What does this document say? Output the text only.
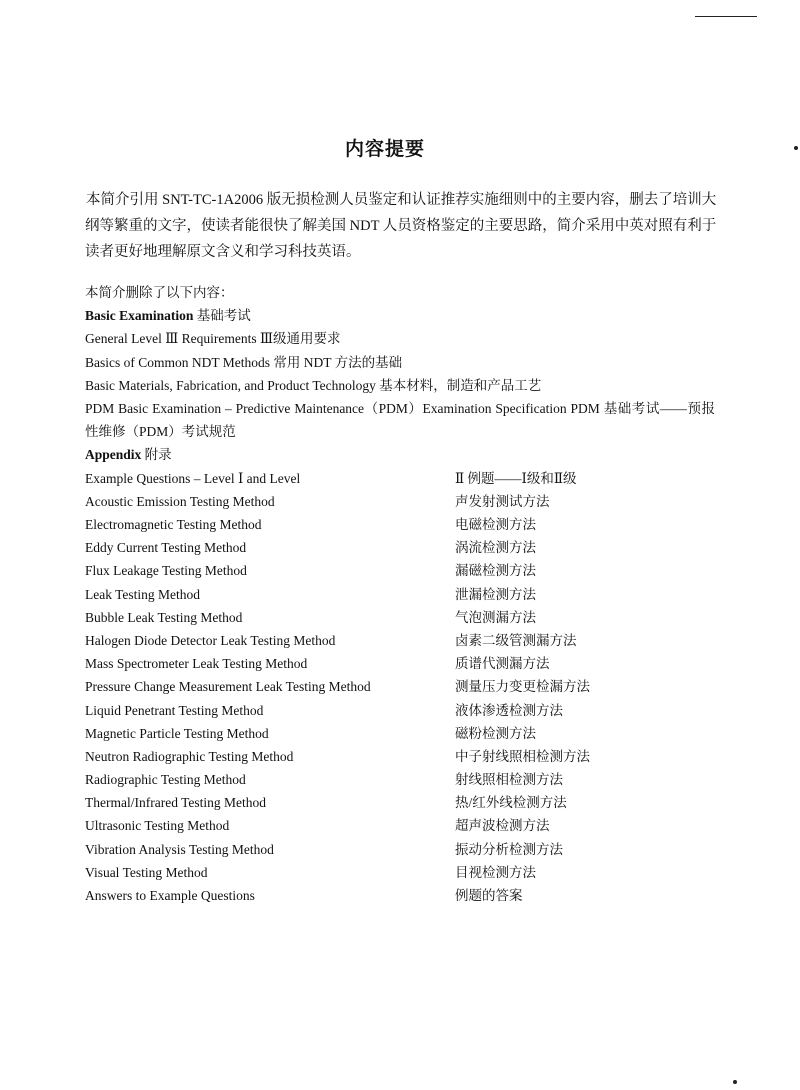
内容提要
本简介引用 SNT-TC-1A2006 版无损检测人员鉴定和认证推荐实施细则中的主要内容，删去了培训大纲等繁重的文字，使读者能很快了解美国 NDT 人员资格鉴定的主要思路，简介采用中英对照有利于读者更好地理解原文含义和学习科技英语。
本简介删除了以下内容：
Basic Examination 基础考试
General Level Ⅲ Requirements Ⅲ级通用要求
Basics of Common NDT Methods 常用 NDT 方法的基础
Basic Materials, Fabrication, and Product Technology 基本材料，制造和产品工艺
PDM Basic Examination – Predictive Maintenance（PDM）Examination Specification PDM 基础考试——预报性维修（PDM）考试规范
Appendix 附录
Example Questions – Level Ⅰ and Level	Ⅱ 例题——Ⅰ级和Ⅱ级
Acoustic Emission Testing Method	声发射测试方法
Electromagnetic Testing Method	电磁检测方法
Eddy Current Testing Method	涡流检测方法
Flux Leakage Testing Method	漏磁检测方法
Leak Testing Method	泄漏检测方法
Bubble Leak Testing Method	气泡测漏方法
Halogen Diode Detector Leak Testing Method	卤素二级管测漏方法
Mass Spectrometer Leak Testing Method	质谱代测漏方法
Pressure Change Measurement Leak Testing Method	测量压力变更检漏方法
Liquid Penetrant Testing Method	液体渗透检测方法
Magnetic Particle Testing Method	磁粉检测方法
Neutron Radiographic Testing Method	中子射线照相检测方法
Radiographic Testing Method	射线照相检测方法
Thermal/Infrared Testing Method	热/红外线检测方法
Ultrasonic Testing Method	超声波检测方法
Vibration Analysis Testing Method	振动分析检测方法
Visual Testing Method	目视检测方法
Answers to Example Questions	例题的答案
